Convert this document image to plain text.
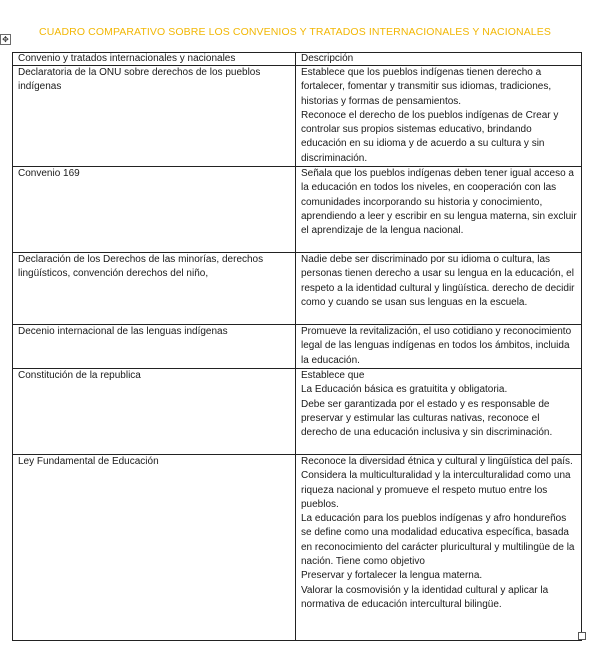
CUADRO COMPARATIVO SOBRE LOS CONVENIOS Y TRATADOS INTERNACIONALES Y NACIONALES
✥
Convenio y tratados internacionales y nacionales	Descripción
Declaratoria de la ONU sobre derechos de los pueblos indígenas	Establece que los pueblos indígenas tienen derecho a fortalecer, fomentar y transmitir sus idiomas, tradiciones, historias y formas de pensamientos.
Reconoce el derecho de los pueblos indígenas de Crear y controlar sus propios sistemas educativo, brindando educación en su idioma y de acuerdo a su cultura y sin discriminación.

Convenio 169	Señala que los pueblos indígenas deben tener igual acceso a la educación en todos los niveles, en cooperación con las comunidades incorporando su historia y conocimiento, aprendiendo a leer y escribir en su lengua materna, sin excluir el aprendizaje de la lengua nacional.

Declaración de los Derechos de las minorías, derechos lingüísticos, convención derechos del niño,	Nadie debe ser discriminado por su idioma o cultura, las personas tienen derecho a usar su lengua en la educación, el respeto a la identidad cultural y lingüística. derecho de decidir como y cuando se usan sus lenguas en la escuela.

Decenio internacional de las lenguas indígenas	Promueve la revitalización, el uso cotidiano y reconocimiento legal de las lenguas indígenas en todos los ámbitos, incluida la educación.

Constitución de la republica	Establece que
La Educación básica es gratuitita y obligatoria.
Debe ser garantizada por el estado y es responsable de preservar y estimular las culturas nativas, reconoce el derecho de una educación inclusiva y sin discriminación.

Ley Fundamental de Educación	Reconoce la diversidad étnica y cultural y lingüística del país.
Considera la multiculturalidad y la interculturalidad como una riqueza nacional y promueve el respeto mutuo entre los pueblos.
La educación para los pueblos indígenas y afro hondureños se define como una modalidad educativa específica, basada en reconocimiento del carácter pluricultural y multilingüe de la nación. Tiene como objetivo
Preservar y fortalecer la lengua materna.
Valorar la cosmovisión y la identidad cultural y aplicar la normativa de educación intercultural bilingüe.
